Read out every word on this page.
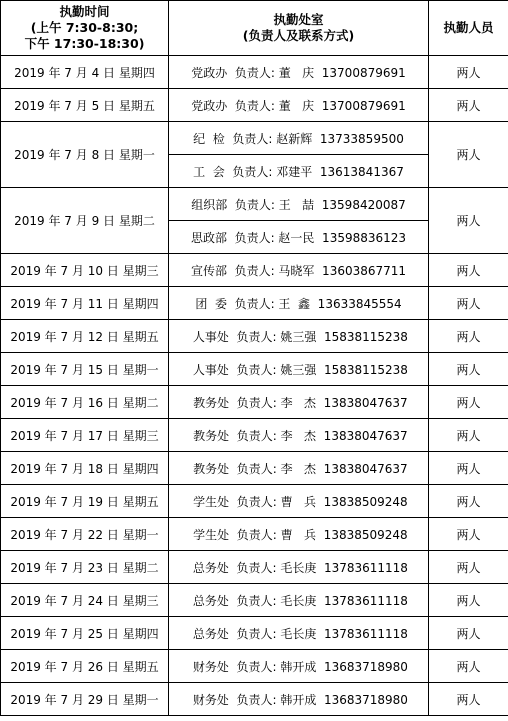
执勤时间
(上午 7:30-8:30;
下午 17:30-18:30)	执勤处室
(负责人及联系方式)	执勤人员
2019 年 7 月 4 日 星期四	党政办  负责人: 董   庆  13700879691	两人
2019 年 7 月 5 日 星期五	党政办  负责人: 董   庆  13700879691	两人
2019 年 7 月 8 日 星期一	纪  检  负责人: 赵新辉  13733859500	两人
	工  会  负责人: 邓建平  13613841367	
2019 年 7 月 9 日 星期二	组织部  负责人: 王   喆  13598420087	两人
	思政部  负责人: 赵一民  13598836123	
2019 年 7 月 10 日 星期三	宣传部  负责人: 马晓军  13603867711	两人
2019 年 7 月 11 日 星期四	团  委  负责人: 王  鑫  13633845554	两人
2019 年 7 月 12 日 星期五	人事处  负责人: 姚三强  15838115238	两人
2019 年 7 月 15 日 星期一	人事处  负责人: 姚三强  15838115238	两人
2019 年 7 月 16 日 星期二	教务处  负责人: 李   杰  13838047637	两人
2019 年 7 月 17 日 星期三	教务处  负责人: 李   杰  13838047637	两人
2019 年 7 月 18 日 星期四	教务处  负责人: 李   杰  13838047637	两人
2019 年 7 月 19 日 星期五	学生处  负责人: 曹   兵  13838509248	两人
2019 年 7 月 22 日 星期一	学生处  负责人: 曹   兵  13838509248	两人
2019 年 7 月 23 日 星期二	总务处  负责人: 毛长庚  13783611118	两人
2019 年 7 月 24 日 星期三	总务处  负责人: 毛长庚  13783611118	两人
2019 年 7 月 25 日 星期四	总务处  负责人: 毛长庚  13783611118	两人
2019 年 7 月 26 日 星期五	财务处  负责人: 韩开成  13683718980	两人
2019 年 7 月 29 日 星期一	财务处  负责人: 韩开成  13683718980	两人
